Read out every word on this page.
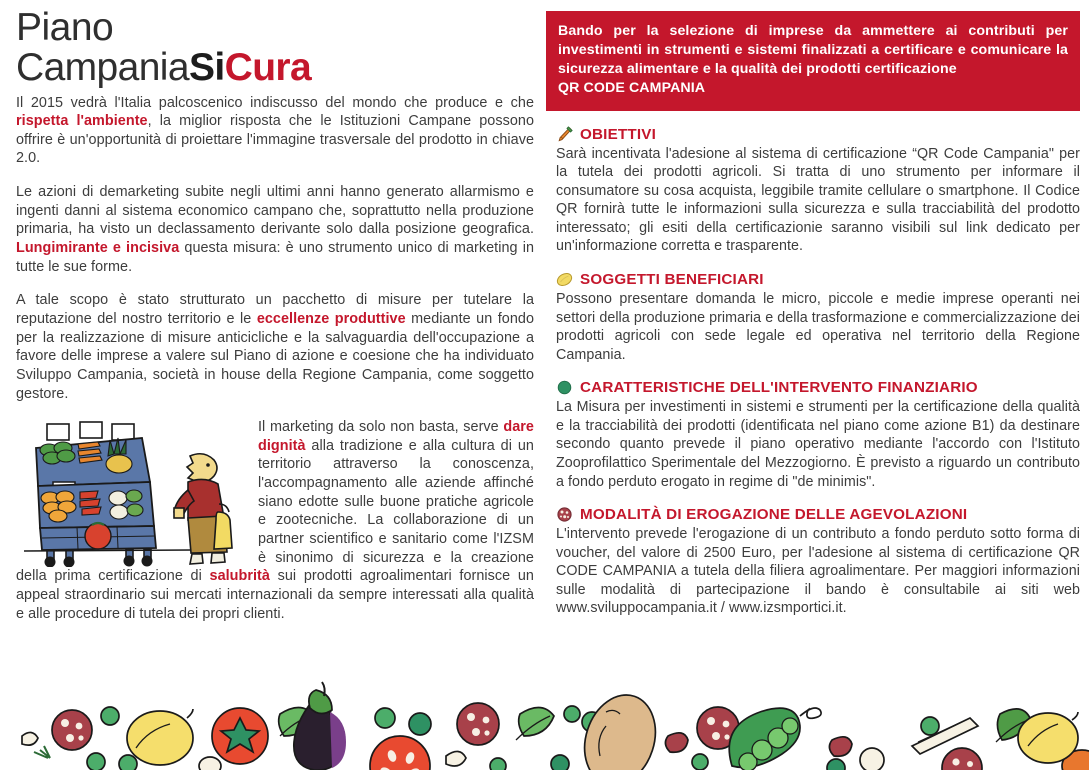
Piano
CampaniaSiCura

Il 2015 vedrà l'Italia palcoscenico indiscusso del mondo che produce e che rispetta l'ambiente, la miglior risposta che le Istituzioni Campane possono offrire è un'opportunità di proiettare l'immagine trasversale del prodotto in chiave 2.0.

Le azioni di demarketing subite negli ultimi anni hanno generato allarmismo e ingenti danni al sistema economico campano che, soprattutto nella produzione primaria, ha visto un declassamento derivante solo dalla posizione geografica. Lungimirante e incisiva questa misura: è uno strumento unico di marketing in tutte le sue forme.

A tale scopo è stato strutturato un pacchetto di misure per tutelare la reputazione del nostro territorio e le eccellenze produttive mediante un fondo per la realizzazione di misure anticicliche e la salvaguardia dell'occupazione a favore delle imprese a valere sul Piano di azione e coesione che ha individuato Sviluppo Campania, società in house della Regione Campania, come soggetto gestore.

Il marketing da solo non basta, serve dare dignità alla tradizione e alla cultura di un territorio attraverso la conoscenza, l'accompagnamento alle aziende affinché siano edotte sulle buone pratiche agricole e zootecniche. La collaborazione di un partner scientifico e sanitario come l'IZSM è sinonimo di sicurezza e la creazione della prima certificazione di salubrità sui prodotti agroalimentari fornisce un appeal straordinario sui mercati internazionali da sempre interessati alla qualità e alle procedure di tutela dei propri clienti.
Bando per la selezione di imprese da ammettere ai contributi per investimenti in strumenti e sistemi finalizzati a certificare e comunicare la sicurezza alimentare e la qualità dei prodotti certificazione
QR CODE CAMPANIA
OBIETTIVI

Sarà incentivata l'adesione al sistema di certificazione “QR Code Campania" per la tutela dei prodotti agricoli. Si tratta di uno strumento per informare il consumatore su cosa acquista, leggibile tramite cellulare o smartphone. Il Codice QR fornirà tutte le informazioni sulla sicurezza e sulla tracciabilità del prodotto interessato; gli esiti della certificazionie saranno visibili sul link dedicato per un'informazione corretta e trasparente.

SOGGETTI BENEFICIARI

Possono presentare domanda le micro, piccole e medie imprese operanti nei settori della produzione primaria e della trasformazione e commercializzazione dei prodotti agricoli con sede legale ed operativa nel territorio della Regione Campania.

CARATTERISTICHE DELL'INTERVENTO FINANZIARIO

La Misura per investimenti in sistemi e strumenti per la certificazione della qualità e la tracciabilità dei prodotti (identificata nel piano come azione B1) da destinare secondo quanto prevede il piano operativo mediante l'accordo con l'Istituto Zooprofilattico Sperimentale del Mezzogiorno. È previsto a riguardo un contributo a fondo perduto erogato in regime di "de minimis".

MODALITÀ DI EROGAZIONE DELLE AGEVOLAZIONI

L'intervento prevede l'erogazione di un contributo a fondo perduto sotto forma di voucher, del valore di 2500 Euro, per l'adesione al sistema di certificazione QR CODE CAMPANIA a tutela della filiera agroalimentare. Per maggiori informazioni sulle modalità di partecipazione il bando è consultabile ai siti web www.sviluppocampania.it / www.izsmportici.it.
